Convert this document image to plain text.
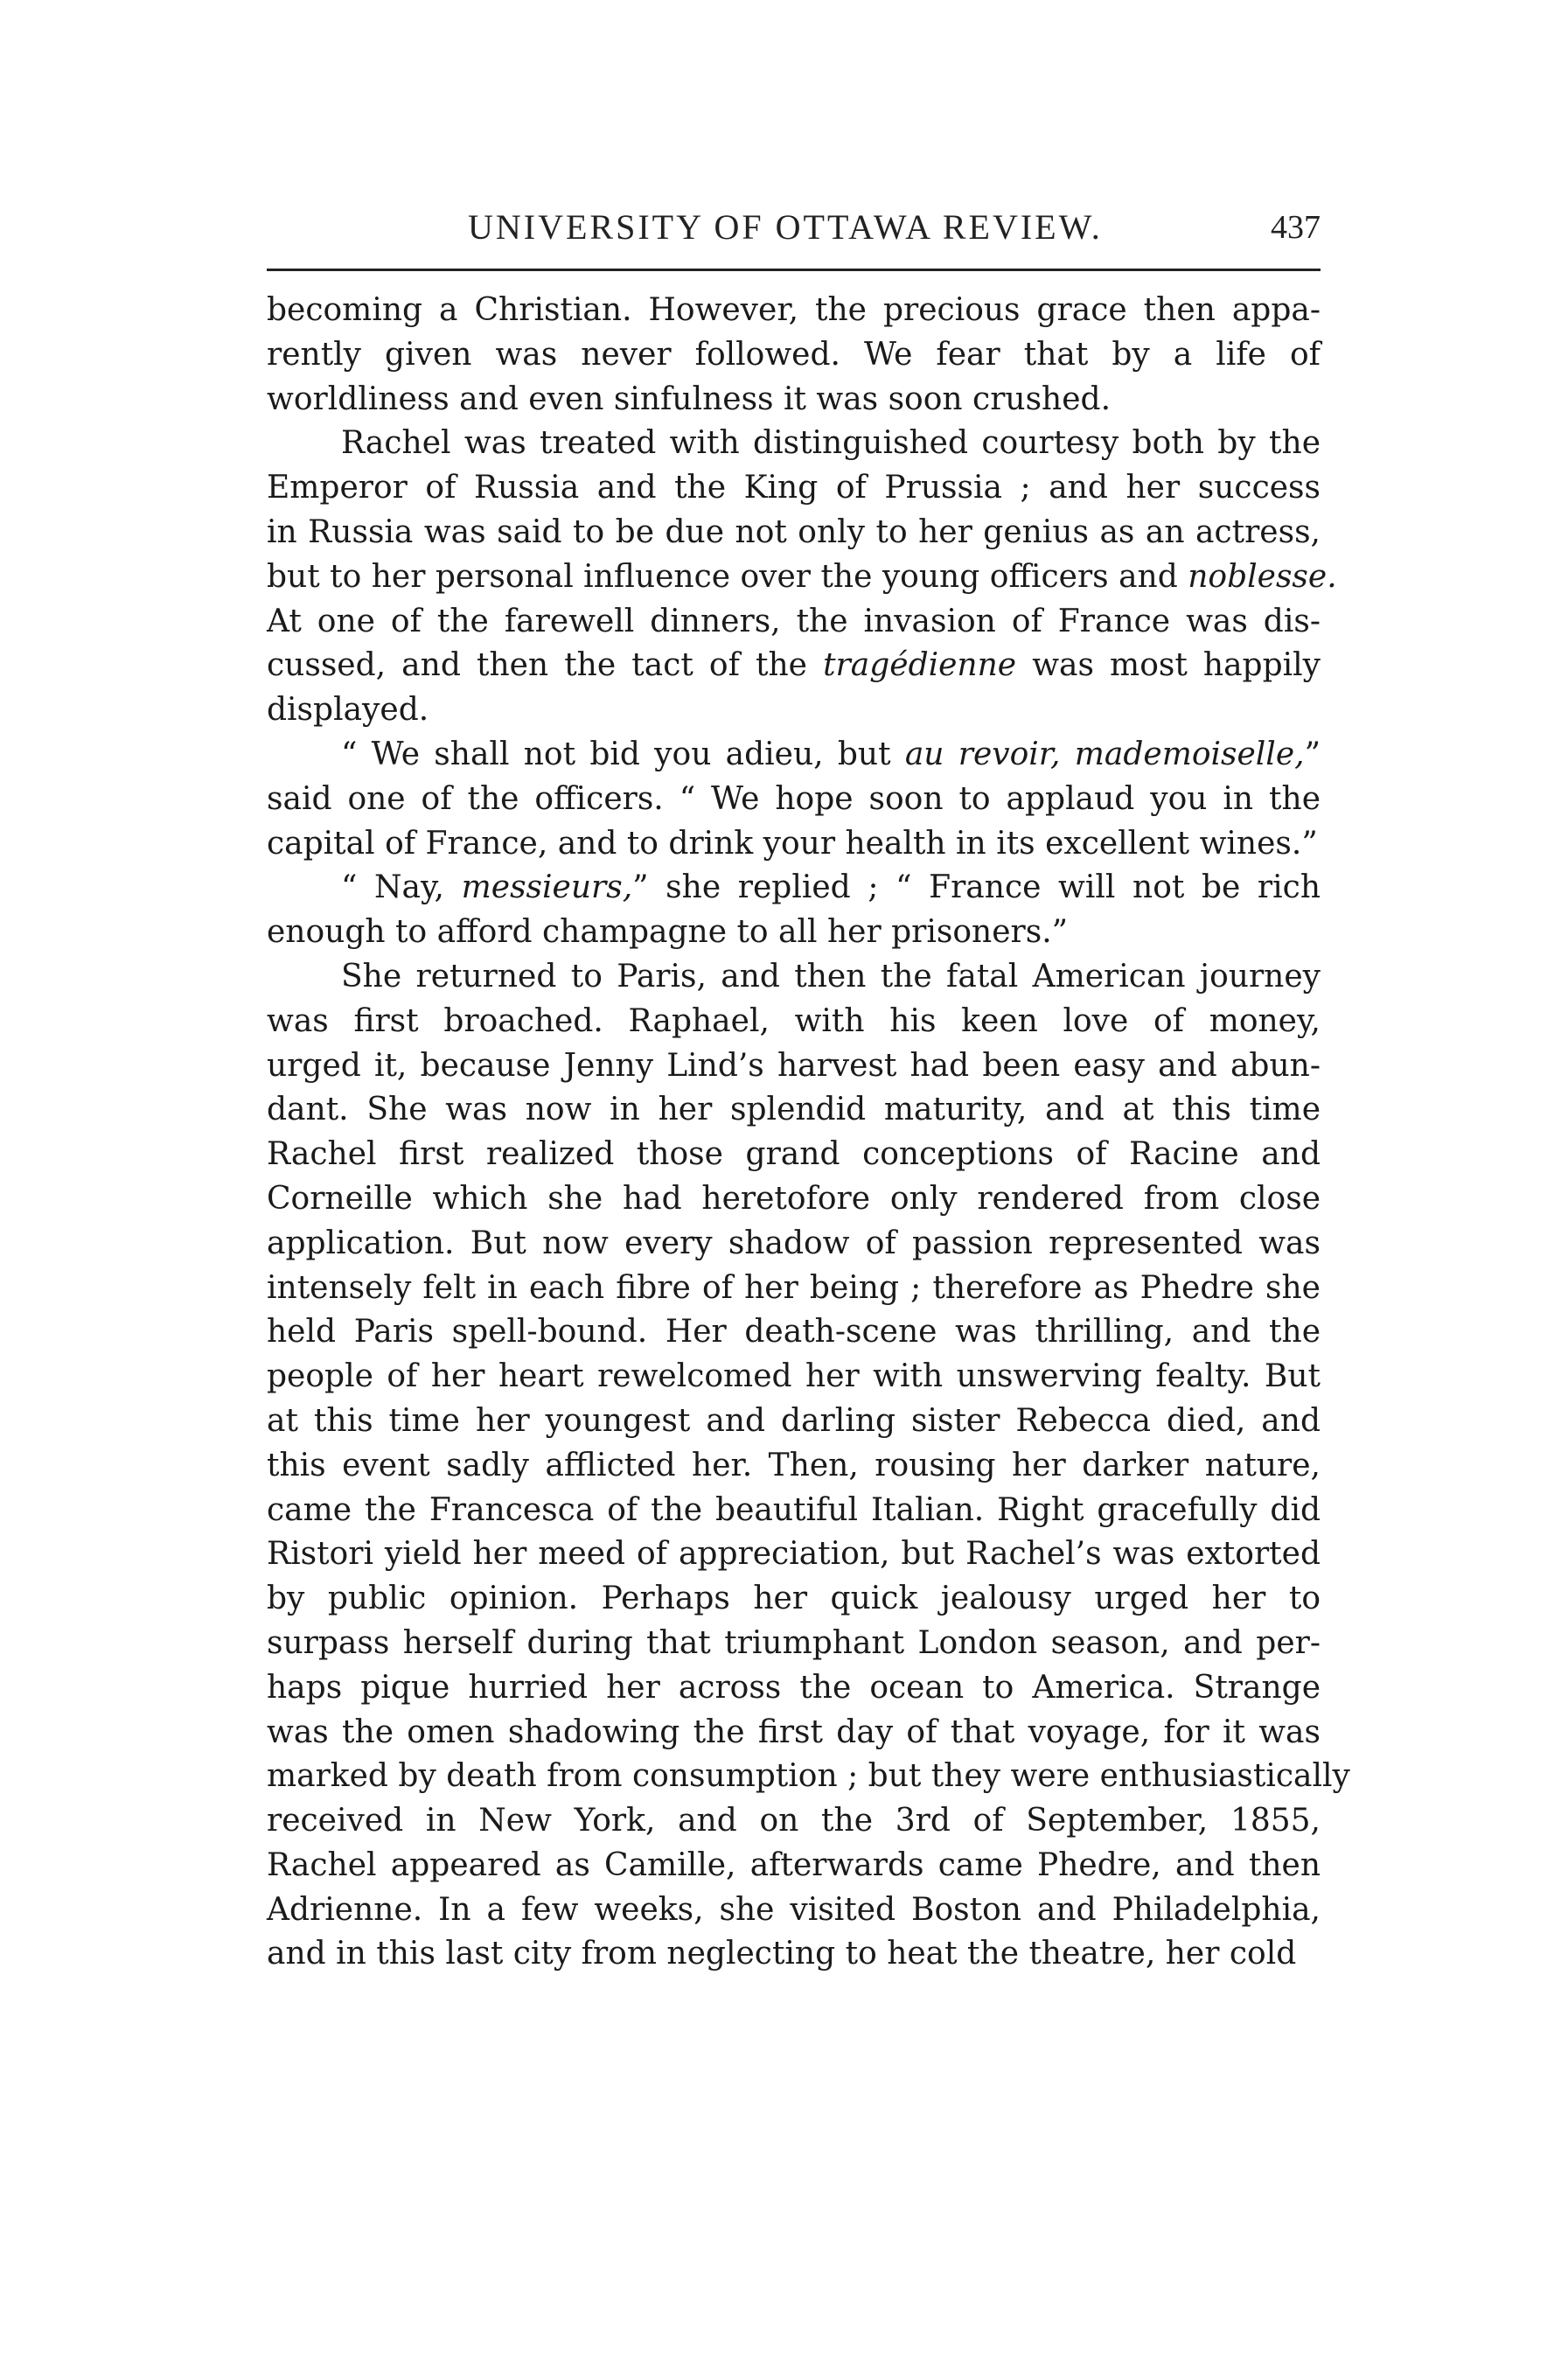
UNIVERSITY OF OTTAWA REVIEW.	437

becoming a Christian. However, the precious grace then appa-
rently given was never followed. We fear that by a life of
worldliness and even sinfulness it was soon crushed.

Rachel was treated with distinguished courtesy both by the
Emperor of Russia and the King of Prussia ; and her success
in Russia was said to be due not only to her genius as an actress,
but to her personal influence over the young officers and noblesse.
At one of the farewell dinners, the invasion of France was dis-
cussed, and then the tact of the tragédienne was most happily
displayed.

“ We shall not bid you adieu, but au revoir, mademoiselle,”
said one of the officers. “ We hope soon to applaud you in the
capital of France, and to drink your health in its excellent wines.”

“ Nay, messieurs,” she replied ; “ France will not be rich
enough to afford champagne to all her prisoners.”

She returned to Paris, and then the fatal American journey
was first broached. Raphael, with his keen love of money,
urged it, because Jenny Lind’s harvest had been easy and abun-
dant. She was now in her splendid maturity, and at this time
Rachel first realized those grand conceptions of Racine and
Corneille which she had heretofore only rendered from close
application. But now every shadow of passion represented was
intensely felt in each fibre of her being ; therefore as Phedre she
held Paris spell-bound. Her death-scene was thrilling, and the
people of her heart rewelcomed her with unswerving fealty. But
at this time her youngest and darling sister Rebecca died, and
this event sadly afflicted her. Then, rousing her darker nature,
came the Francesca of the beautiful Italian. Right gracefully did
Ristori yield her meed of appreciation, but Rachel’s was extorted
by public opinion. Perhaps her quick jealousy urged her to
surpass herself during that triumphant London season, and per-
haps pique hurried her across the ocean to America. Strange
was the omen shadowing the first day of that voyage, for it was
marked by death from consumption ; but they were enthusiastically
received in New York, and on the 3rd of September, 1855,
Rachel appeared as Camille, afterwards came Phedre, and then
Adrienne. In a few weeks, she visited Boston and Philadelphia,
and in this last city from neglecting to heat the theatre, her cold
